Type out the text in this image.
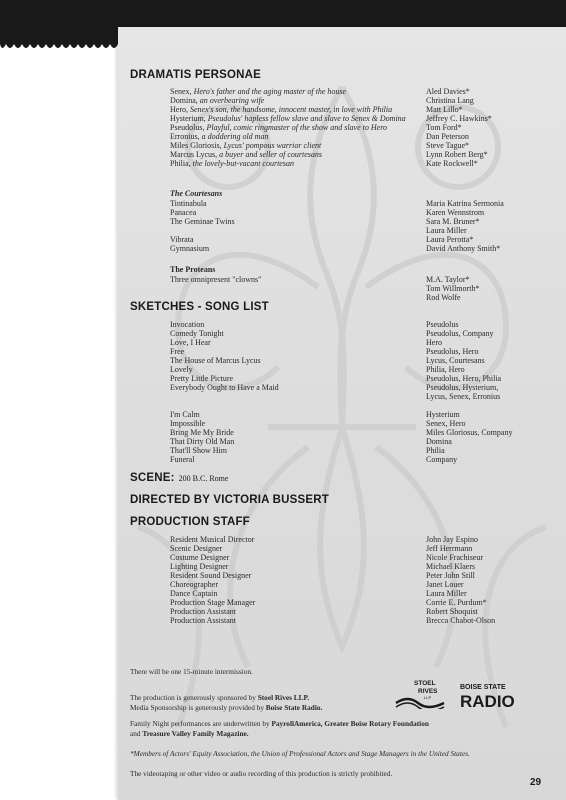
DRAMATIS PERSONAE
Senex, Hero's father and the aging master of the house	Aled Davies*
Domina, an overbearing wife	Christina Lang
Hero, Senex's son, the handsome, innocent master, in love with Philia	Matt Lillo*
Hysterium, Pseudolus' hapless fellow slave and slave to Senex & Domina	Jeffrey C. Hawkins*
Pseudolus, Playful, comic ringmaster of the show and slave to Hero	Tom Ford*
Erronius, a doddering old man	Dan Peterson
Miles Gloriosis, Lycus' pompous warrior client	Steve Tague*
Marcus Lycus, a buyer and seller of courtesans	Lynn Robert Berg*
Philia, the lovely-but-vacant courtesan	Kate Rockwell*
The Courtesans
Tintinabula	Maria Katrina Sermonia
Panacea	Karen Wennstrom
The Geminae Twins	Sara M. Bruner*
Laura Miller
Vibrata	Laura Perotta*
Gymnasium	David Anthony Smith*
The Proteans
Three omnipresent "clowns"	M.A. Taylor*
Tom Willmorth*
Rod Wolfe
SKETCHES - SONG LIST
Invocation	Pseudolus
Comedy Tonight	Pseudolus, Company
Love, I Hear	Hero
Free	Pseudolus, Hero
The House of Marcus Lycus	Lycus, Courtesans
Lovely	Philia, Hero
Pretty Little Picture	Pseudolus, Hero, Philia
Everybody Ought to Have a Maid	Pseudolus, Hysterium,
Lycus, Senex, Erronius
I'm Calm	Hysterium
Impossible	Senex, Hero
Bring Me My Bride	Miles Gloriosus, Company
That Dirty Old Man	Domina
That'll Show Him	Philia
Funeral	Company
SCENE: 200 B.C. Rome
DIRECTED BY VICTORIA BUSSERT
PRODUCTION STAFF
Resident Musical Director	John Jay Espino
Scenic Designer	Jeff Herrmann
Costume Designer	Nicole Frachiseur
Lighting Designer	Michael Klaers
Resident Sound Designer	Peter John Still
Choreographer	Janet Louer
Dance Captain	Laura Miller
Production Stage Manager	Corrie E. Purdum*
Production Assistant	Robert Shoquist
Production Assistant	Brecca Chabot-Olson
There will be one 15-minute intermission.
The production is generously sponsored by Stoel Rives LLP.
Media Sponsorship is generously provided by Boise State Radio.
Family Night performances are underwritten by PayrollAmerica, Greater Boise Rotary Foundation
and Treasure Valley Family Magazine.
*Members of Actors' Equity Association, the Union of Professional Actors and Stage Managers in the United States.
The videotaping or other video or audio recording of this production is strictly prohibited.
STOEL
RIVES
LLP
BOISE STATE
RADIO
29
